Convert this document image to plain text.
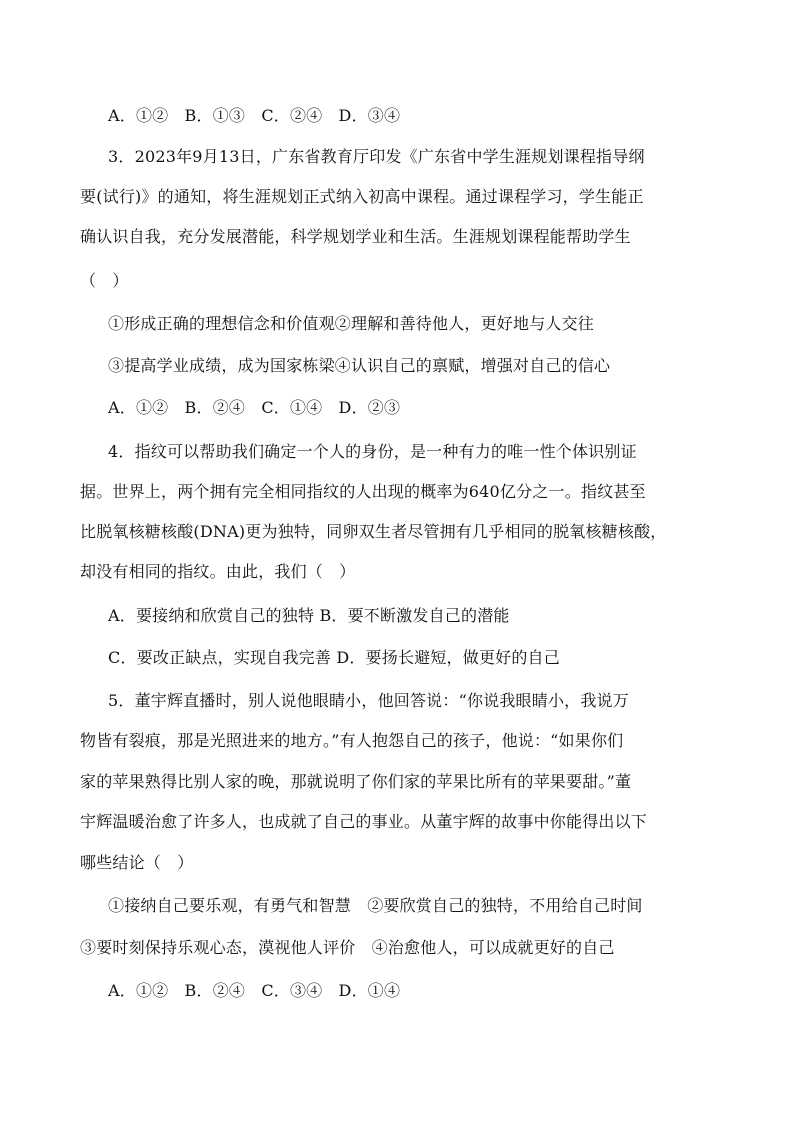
A．①②　B．①③　C．②④　D．③④
3．2023年9月13日，广东省教育厅印发《广东省中学生涯规划课程指导纲
要(试行)》的通知，将生涯规划正式纳入初高中课程。通过课程学习，学生能正
确认识自我，充分发展潜能，科学规划学业和生活。生涯规划课程能帮助学生
（　）
①形成正确的理想信念和价值观②理解和善待他人，更好地与人交往
③提高学业成绩，成为国家栋梁④认识自己的禀赋，增强对自己的信心
A．①②　B．②④　C．①④　D．②③
4．指纹可以帮助我们确定一个人的身份，是一种有力的唯一性个体识别证
据。世界上，两个拥有完全相同指纹的人出现的概率为640亿分之一。指纹甚至
比脱氧核糖核酸(DNA)更为独特，同卵双生者尽管拥有几乎相同的脱氧核糖核酸，
却没有相同的指纹。由此，我们（　）
A．要接纳和欣赏自己的独特 B．要不断激发自己的潜能
C．要改正缺点，实现自我完善 D．要扬长避短，做更好的自己
5．董宇辉直播时，别人说他眼睛小，他回答说：“你说我眼睛小，我说万
物皆有裂痕，那是光照进来的地方。”有人抱怨自己的孩子，他说：“如果你们
家的苹果熟得比别人家的晚，那就说明了你们家的苹果比所有的苹果要甜。”董
宇辉温暖治愈了许多人，也成就了自己的事业。从董宇辉的故事中你能得出以下
哪些结论（　）
①接纳自己要乐观，有勇气和智慧　②要欣赏自己的独特，不用给自己时间
③要时刻保持乐观心态，漠视他人评价　④治愈他人，可以成就更好的自己
A．①②　B．②④　C．③④　D．①④
